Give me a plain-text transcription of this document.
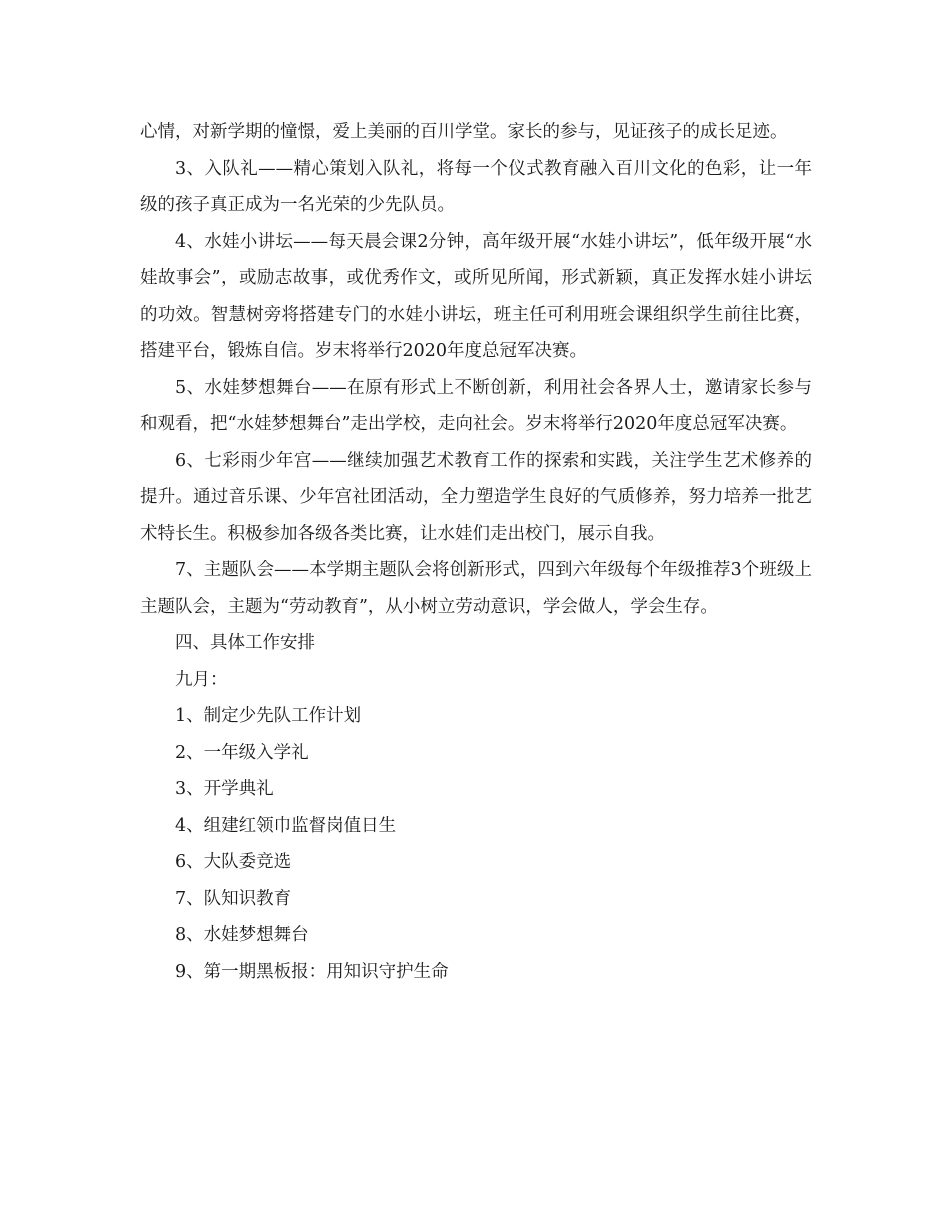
心情，对新学期的憧憬，爱上美丽的百川学堂。家长的参与，见证孩子的成长足迹。

3、入队礼——精心策划入队礼，将每一个仪式教育融入百川文化的色彩，让一年级的孩子真正成为一名光荣的少先队员。

4、水娃小讲坛——每天晨会课2分钟，高年级开展“水娃小讲坛”，低年级开展“水娃故事会”，或励志故事，或优秀作文，或所见所闻，形式新颖，真正发挥水娃小讲坛的功效。智慧树旁将搭建专门的水娃小讲坛，班主任可利用班会课组织学生前往比赛，搭建平台，锻炼自信。岁末将举行2020年度总冠军决赛。

5、水娃梦想舞台——在原有形式上不断创新，利用社会各界人士，邀请家长参与和观看，把“水娃梦想舞台”走出学校，走向社会。岁末将举行2020年度总冠军决赛。

6、七彩雨少年宫——继续加强艺术教育工作的探索和实践，关注学生艺术修养的提升。通过音乐课、少年宫社团活动，全力塑造学生良好的气质修养，努力培养一批艺术特长生。积极参加各级各类比赛，让水娃们走出校门，展示自我。

7、主题队会——本学期主题队会将创新形式，四到六年级每个年级推荐3个班级上主题队会，主题为“劳动教育”，从小树立劳动意识，学会做人，学会生存。

四、具体工作安排

九月：

1、制定少先队工作计划

2、一年级入学礼

3、开学典礼

4、组建红领巾监督岗值日生

6、大队委竞选

7、队知识教育

8、水娃梦想舞台

9、第一期黑板报：用知识守护生命
